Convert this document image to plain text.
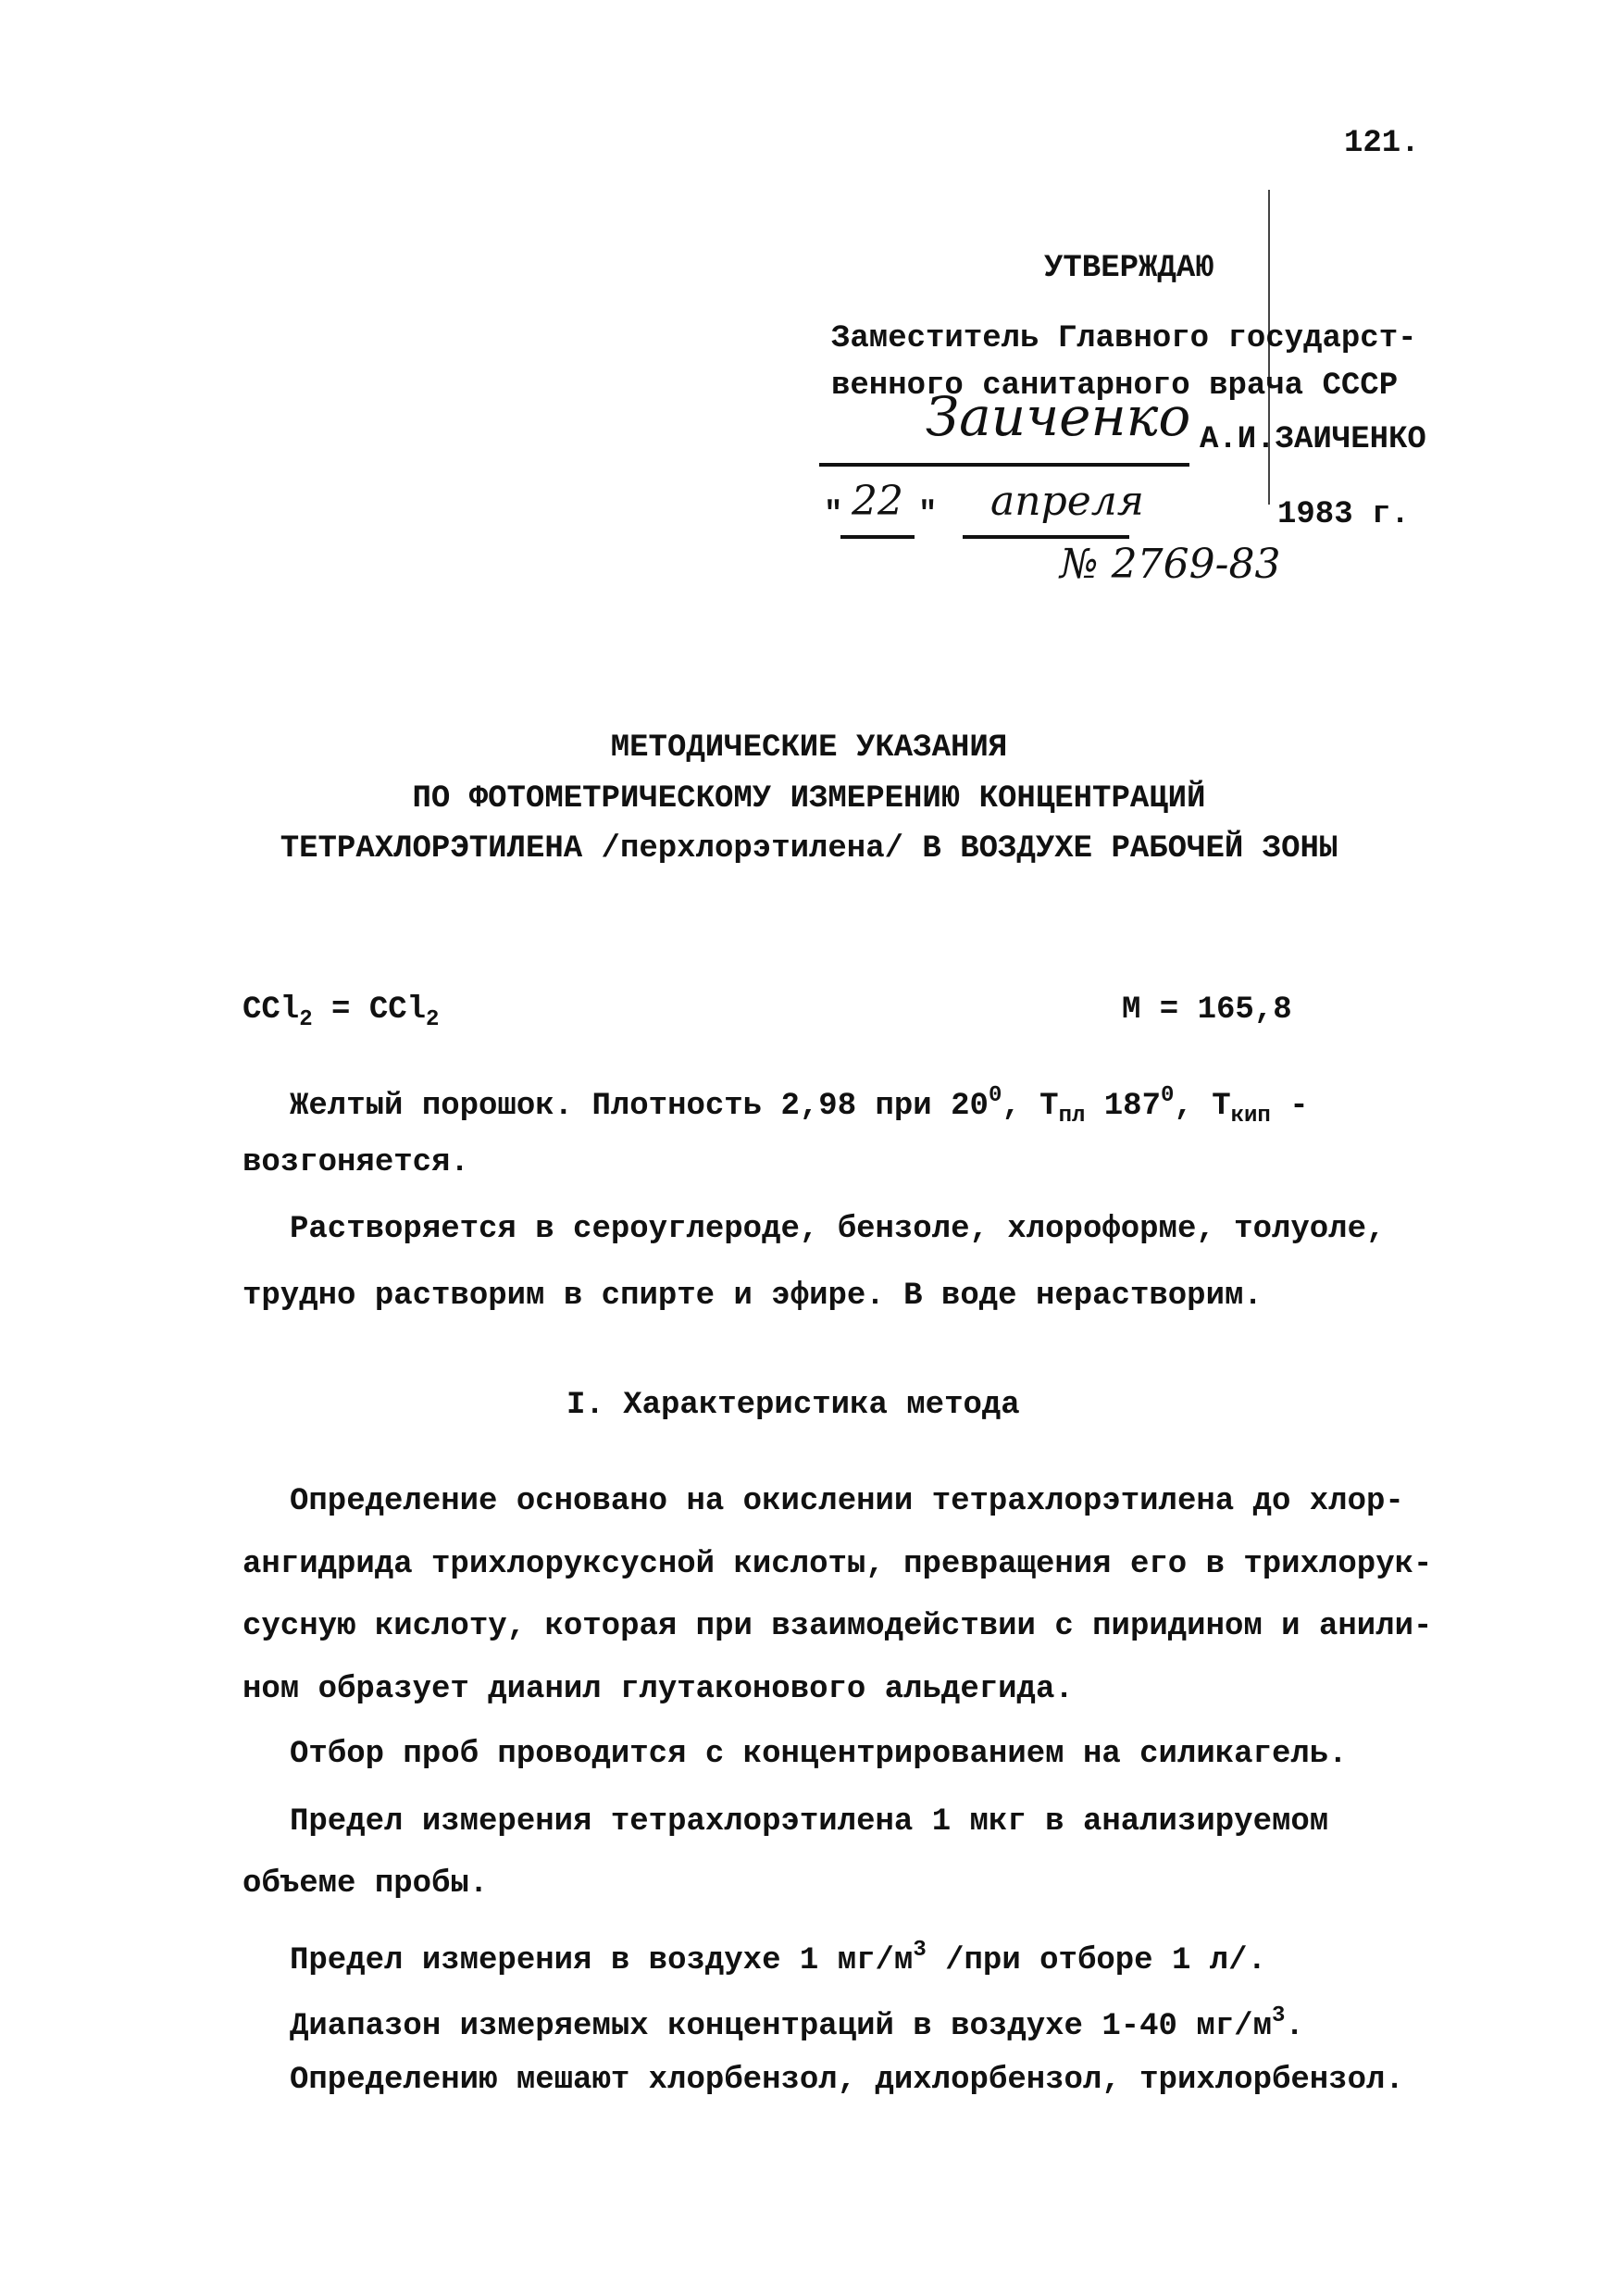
121.
УТВЕРЖДАЮ
Заместитель Главного государст-
венного санитарного врача СССР
Заиченко А.И.ЗАИЧЕНКО
" 22 " апреля	1983 г.
№ 2769-83
МЕТОДИЧЕСКИЕ УКАЗАНИЯ
ПО ФОТОМЕТРИЧЕСКОМУ ИЗМЕРЕНИЮ КОНЦЕНТРАЦИЙ
ТЕТРАХЛОРЭТИЛЕНА /перхлорэтилена/ В ВОЗДУХЕ РАБОЧЕЙ ЗОНЫ
CCl$_2$ = CCl$_2$	М = 165,8
Желтый порошок. Плотность 2,98 при $20^0$, $Т_{пл}$ $187^0$, $Т_{кип}$ -
возгоняется.
Растворяется в сероуглероде, бензоле, хлороформе, толуоле,
трудно растворим в спирте и эфире. В воде нерастворим.
I. Характеристика метода
Определение основано на окислении тетрахлорэтилена до хлор-
ангидрида трихлоруксусной кислоты, превращения его в трихлорук-
сусную кислоту, которая при взаимодействии с пиридином и анили-
ном образует дианил глутаконового альдегида.
Отбор проб проводится с концентрированием на силикагель.
Предел измерения тетрахлорэтилена 1 мкг в анализируемом
объеме пробы.
Предел измерения в воздухе 1 $мг/м^3$ /при отборе 1 л/.
Диапазон измеряемых концентраций в воздухе 1-40 $мг/м^3$.
Определению мешают хлорбензол, дихлорбензол, трихлорбензол.
